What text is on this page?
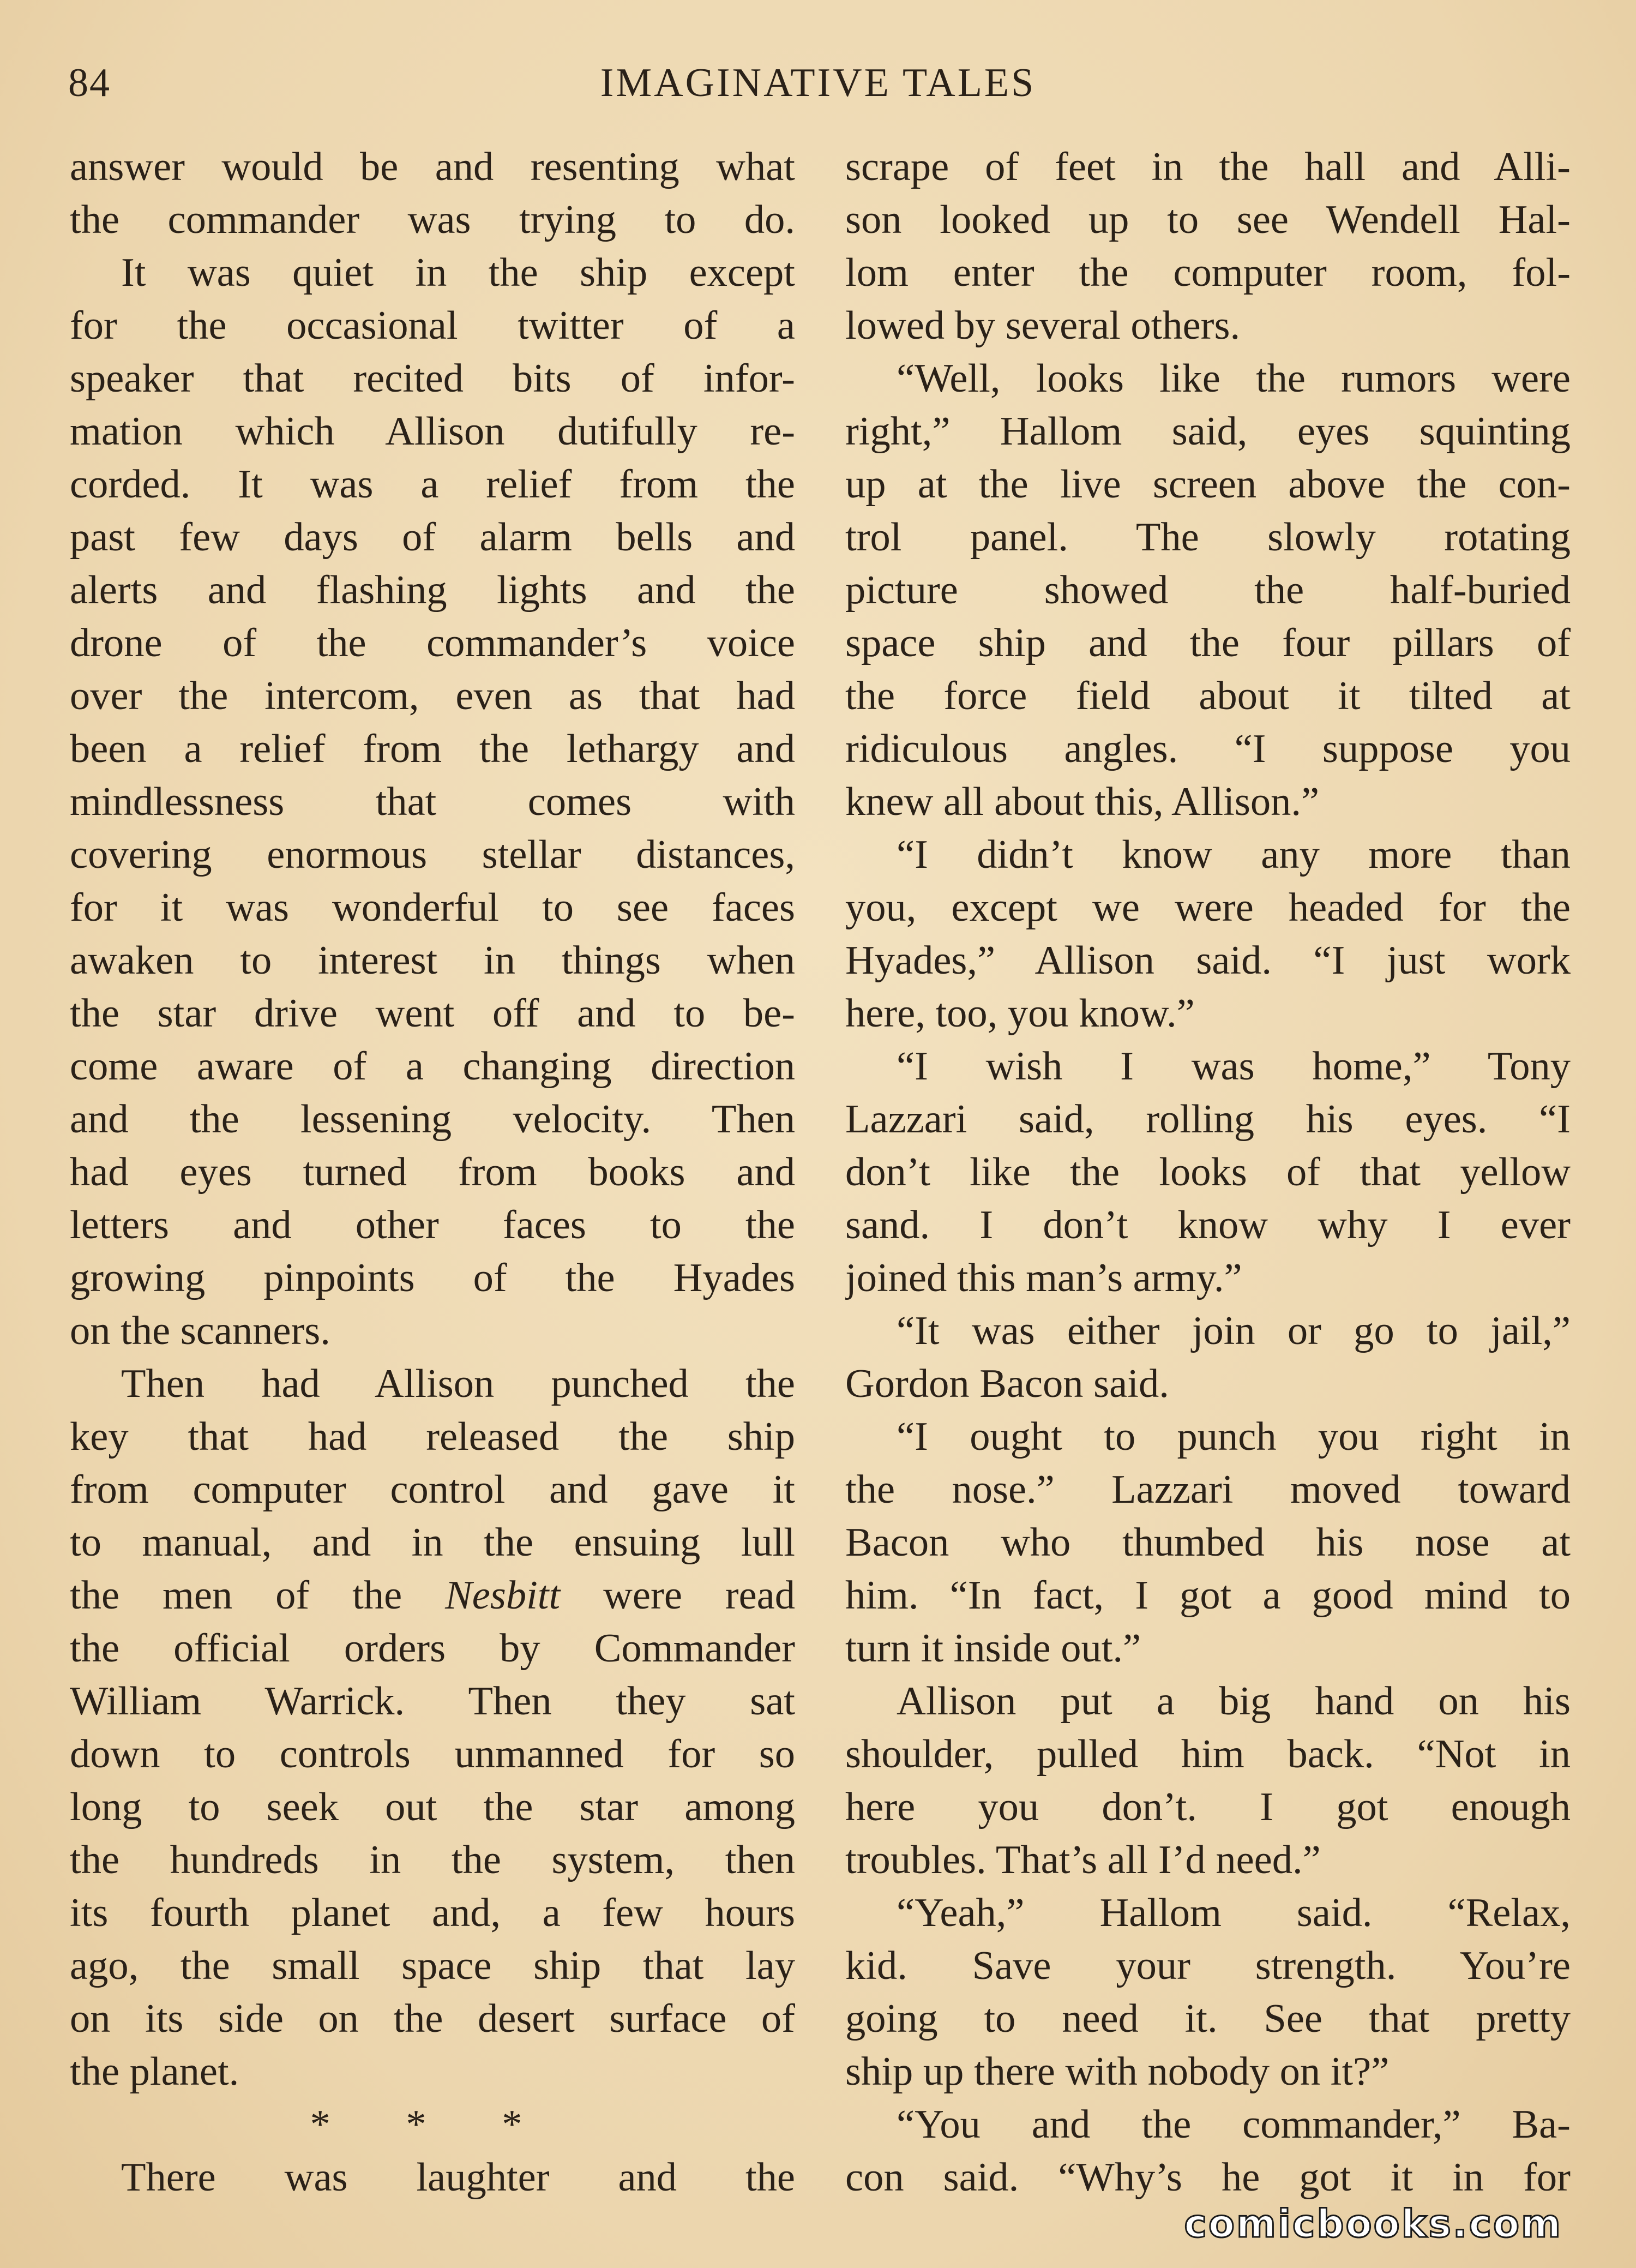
84	IMAGINATIVE TALES
answer would be and resenting what
the commander was trying to do.
It was quiet in the ship except
for the occasional twitter of a
speaker that recited bits of infor-
mation which Allison dutifully re-
corded. It was a relief from the
past few days of alarm bells and
alerts and flashing lights and the
drone of the commander’s voice
over the intercom, even as that had
been a relief from the lethargy and
mindlessness that comes with
covering enormous stellar distances,
for it was wonderful to see faces
awaken to interest in things when
the star drive went off and to be-
come aware of a changing direction
and the lessening velocity. Then
had eyes turned from books and
letters and other faces to the
growing pinpoints of the Hyades
on the scanners.
Then had Allison punched the
key that had released the ship
from computer control and gave it
to manual, and in the ensuing lull
the men of the Nesbitt were read
the official orders by Commander
William Warrick. Then they sat
down to controls unmanned for so
long to seek out the star among
the hundreds in the system, then
its fourth planet and, a few hours
ago, the small space ship that lay
on its side on the desert surface of
the planet.
* * *
There was laughter and the
scrape of feet in the hall and Alli-
son looked up to see Wendell Hal-
lom enter the computer room, fol-
lowed by several others.
“Well, looks like the rumors were
right,” Hallom said, eyes squinting
up at the live screen above the con-
trol panel. The slowly rotating
picture showed the half-buried
space ship and the four pillars of
the force field about it tilted at
ridiculous angles. “I suppose you
knew all about this, Allison.”
“I didn’t know any more than
you, except we were headed for the
Hyades,” Allison said. “I just work
here, too, you know.”
“I wish I was home,” Tony
Lazzari said, rolling his eyes. “I
don’t like the looks of that yellow
sand. I don’t know why I ever
joined this man’s army.”
“It was either join or go to jail,”
Gordon Bacon said.
“I ought to punch you right in
the nose.” Lazzari moved toward
Bacon who thumbed his nose at
him. “In fact, I got a good mind to
turn it inside out.”
Allison put a big hand on his
shoulder, pulled him back. “Not in
here you don’t. I got enough
troubles. That’s all I’d need.”
“Yeah,” Hallom said. “Relax,
kid. Save your strength. You’re
going to need it. See that pretty
ship up there with nobody on it?”
“You and the commander,” Ba-
con said. “Why’s he got it in for
comicbooks.com
